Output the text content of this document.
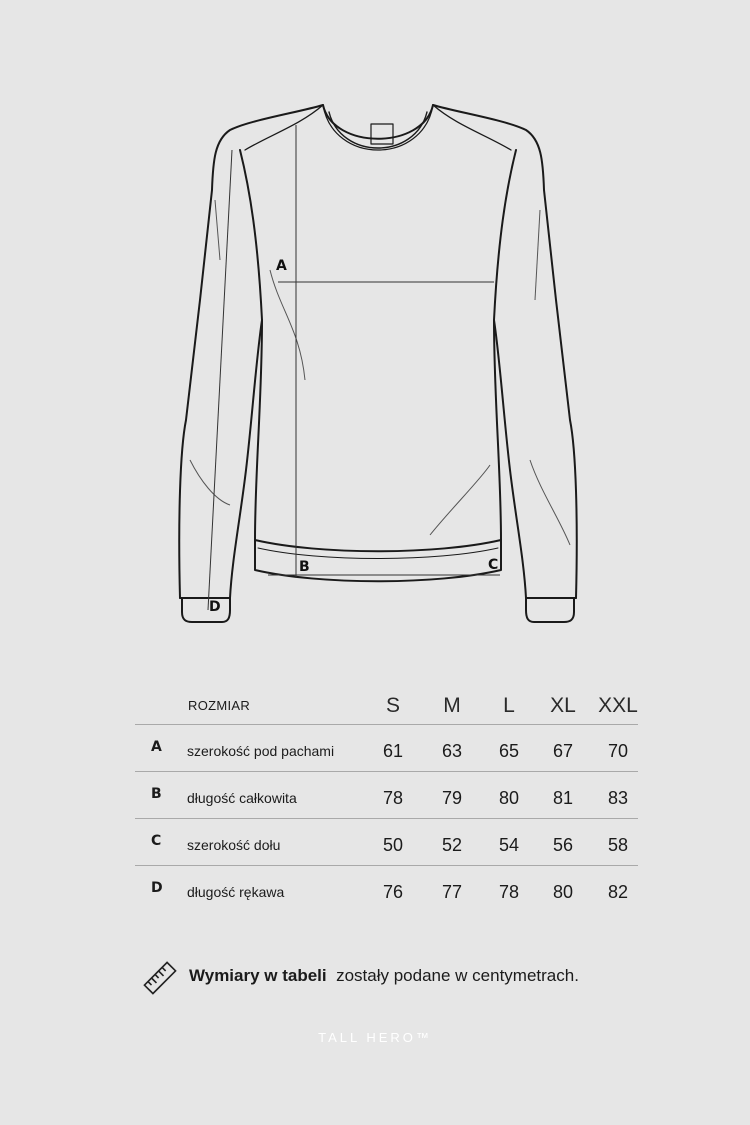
A
B	C
D
ROZMIAR	S	M	L	XL	XXL
A szerokość pod pachami	61	63	65	67	70
B długość całkowita	78	79	80	81	83
C szerokość dołu	50	52	54	56	58
D długość rękawa	76	77	78	80	82
Wymiary w tabeli zostały podane w centymetrach.
TALL HERO™
